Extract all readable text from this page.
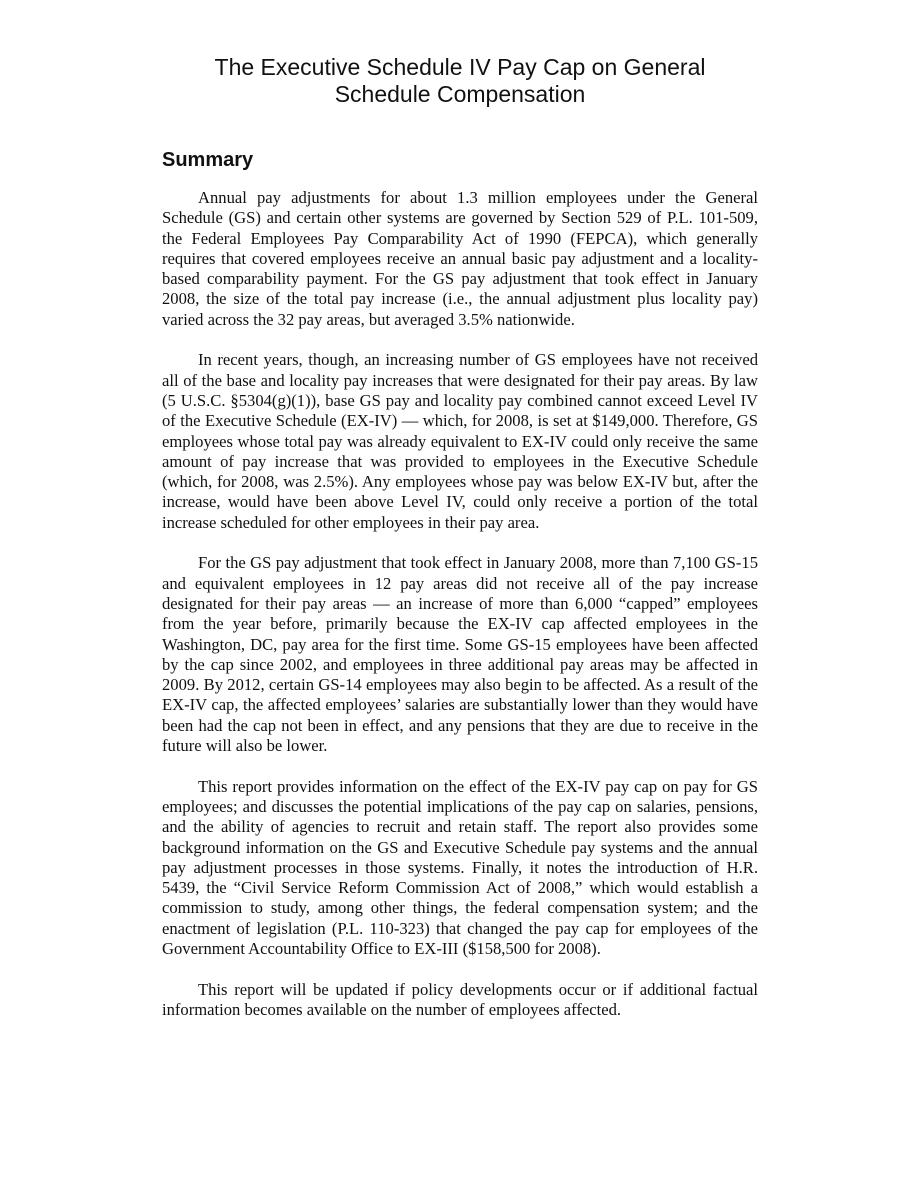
The Executive Schedule IV Pay Cap on General
Schedule Compensation
Summary

Annual pay adjustments for about 1.3 million employees under the General Schedule (GS) and certain other systems are governed by Section 529 of P.L. 101-509, the Federal Employees Pay Comparability Act of 1990 (FEPCA), which generally requires that covered employees receive an annual basic pay adjustment and a locality-based comparability payment. For the GS pay adjustment that took effect in January 2008, the size of the total pay increase (i.e., the annual adjustment plus locality pay) varied across the 32 pay areas, but averaged 3.5% nationwide.

In recent years, though, an increasing number of GS employees have not received all of the base and locality pay increases that were designated for their pay areas. By law (5 U.S.C. §5304(g)(1)), base GS pay and locality pay combined cannot exceed Level IV of the Executive Schedule (EX-IV) — which, for 2008, is set at $149,000. Therefore, GS employees whose total pay was already equivalent to EX-IV could only receive the same amount of pay increase that was provided to employees in the Executive Schedule (which, for 2008, was 2.5%). Any employees whose pay was below EX-IV but, after the increase, would have been above Level IV, could only receive a portion of the total increase scheduled for other employees in their pay area.

For the GS pay adjustment that took effect in January 2008, more than 7,100 GS-15 and equivalent employees in 12 pay areas did not receive all of the pay increase designated for their pay areas — an increase of more than 6,000 “capped” employees from the year before, primarily because the EX-IV cap affected employees in the Washington, DC, pay area for the first time. Some GS-15 employees have been affected by the cap since 2002, and employees in three additional pay areas may be affected in 2009. By 2012, certain GS-14 employees may also begin to be affected. As a result of the EX-IV cap, the affected employees’ salaries are substantially lower than they would have been had the cap not been in effect, and any pensions that they are due to receive in the future will also be lower.

This report provides information on the effect of the EX-IV pay cap on pay for GS employees; and discusses the potential implications of the pay cap on salaries, pensions, and the ability of agencies to recruit and retain staff. The report also provides some background information on the GS and Executive Schedule pay systems and the annual pay adjustment processes in those systems. Finally, it notes the introduction of H.R. 5439, the “Civil Service Reform Commission Act of 2008,” which would establish a commission to study, among other things, the federal compensation system; and the enactment of legislation (P.L. 110-323) that changed the pay cap for employees of the Government Accountability Office to EX-III ($158,500 for 2008).

This report will be updated if policy developments occur or if additional factual information becomes available on the number of employees affected.
